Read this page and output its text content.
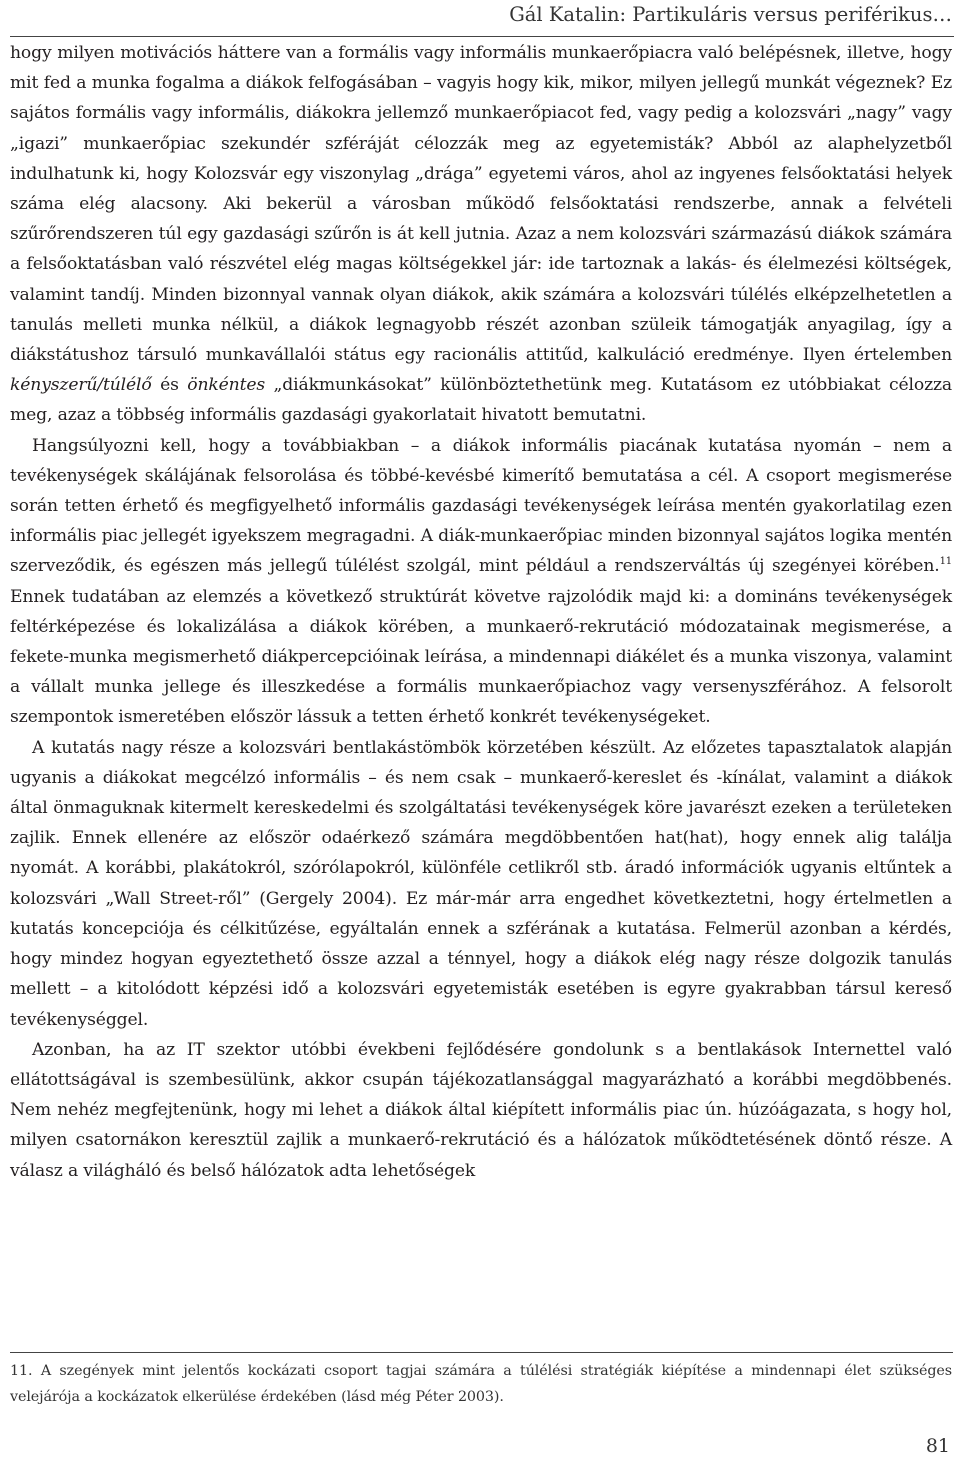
Gál Katalin: Partikuláris versus periférikus…

hogy milyen motivációs háttere van a formális vagy informális munkaerőpiacra való belépésnek, illetve, hogy mit fed a munka fogalma a diákok felfogásában – vagyis hogy kik, mikor, milyen jellegű munkát végeznek? Ez sajátos formális vagy informális, diákokra jellemző munkaerőpiacot fed, vagy pedig a kolozsvári „nagy” vagy „igazi” munkaerőpiac szekundér szféráját célozzák meg az egyetemisták? Abból az alaphelyzetből indulhatunk ki, hogy Kolozsvár egy viszonylag „drága” egyetemi város, ahol az ingyenes felsőoktatási helyek száma elég alacsony. Aki bekerül a városban működő felsőoktatási rendszerbe, annak a felvételi szűrőrendszeren túl egy gazdasági szűrőn is át kell jutnia. Azaz a nem kolozsvári származású diákok számára a felsőoktatásban való részvétel elég magas költségekkel jár: ide tartoznak a lakás- és élelmezési költségek, valamint tandíj. Minden bizonnyal vannak olyan diákok, akik számára a kolozsvári túlélés elképzelhetetlen a tanulás melleti munka nélkül, a diákok legnagyobb részét azonban szüleik támogatják anyagilag, így a diákstátushoz társuló munkavállalói státus egy racionális attitűd, kalkuláció eredménye. Ilyen értelemben kényszerű/túlélő és önkéntes „diákmunkásokat” különböztethetünk meg. Kutatásom ez utóbbiakat célozza meg, azaz a többség informális gazdasági gyakorlatait hivatott bemutatni.

Hangsúlyozni kell, hogy a továbbiakban – a diákok informális piacának kutatása nyomán – nem a tevékenységek skálájának felsorolása és többé-kevésbé kimerítő bemutatása a cél. A csoport megismerése során tetten érhető és megfigyelhető informális gazdasági tevékenységek leírása mentén gyakorlatilag ezen informális piac jellegét igyekszem megragadni. A diák-munkaerőpiac minden bizonnyal sajátos logika mentén szerveződik, és egészen más jellegű túlélést szolgál, mint például a rendszerváltás új szegényei körében.$^{11}$ Ennek tudatában az elemzés a következő struktúrát követve rajzolódik majd ki: a domináns tevékenységek feltérképezése és lokalizálása a diákok körében, a munkaerő-rekrutáció módozatainak megismerése, a fekete-munka megismerhető diákpercepcióinak leírása, a mindennapi diákélet és a munka viszonya, valamint a vállalt munka jellege és illeszkedése a formális munkaerőpiachoz vagy versenyszférához. A felsorolt szempontok ismeretében először lássuk a tetten érhető konkrét tevékenységeket.

A kutatás nagy része a kolozsvári bentlakástömbök körzetében készült. Az előzetes tapasztalatok alapján ugyanis a diákokat megcélzó informális – és nem csak – munkaerő-kereslet és -kínálat, valamint a diákok által önmaguknak kitermelt kereskedelmi és szolgáltatási tevékenységek köre javarészt ezeken a területeken zajlik. Ennek ellenére az először odaérkező számára megdöbbentően hat(hat), hogy ennek alig találja nyomát. A korábbi, plakátokról, szórólapokról, különféle cetlikről stb. áradó információk ugyanis eltűntek a kolozsvári „Wall Street-ről” (Gergely 2004). Ez már-már arra engedhet következtetni, hogy értelmetlen a kutatás koncepciója és célkitűzése, egyáltalán ennek a szférának a kutatása. Felmerül azonban a kérdés, hogy mindez hogyan egyeztethető össze azzal a ténnyel, hogy a diákok elég nagy része dolgozik tanulás mellett – a kitolódott képzési idő a kolozsvári egyetemisták esetében is egyre gyakrabban társul kereső tevékenységgel.

Azonban, ha az IT szektor utóbbi évekbeni fejlődésére gondolunk s a bentlakások Internettel való ellátottságával is szembesülünk, akkor csupán tájékozatlansággal magyarázható a korábbi megdöbbenés. Nem nehéz megfejtenünk, hogy mi lehet a diákok által kiépített informális piac ún. húzóágazata, s hogy hol, milyen csatornákon keresztül zajlik a munkaerő-rekrutáció és a hálózatok működtetésének döntő része. A válasz a világháló és belső hálózatok adta lehetőségek

11. A szegények mint jelentős kockázati csoport tagjai számára a túlélési stratégiák kiépítése a mindennapi élet szükséges velejárója a kockázatok elkerülése érdekében (lásd még Péter 2003).
81
